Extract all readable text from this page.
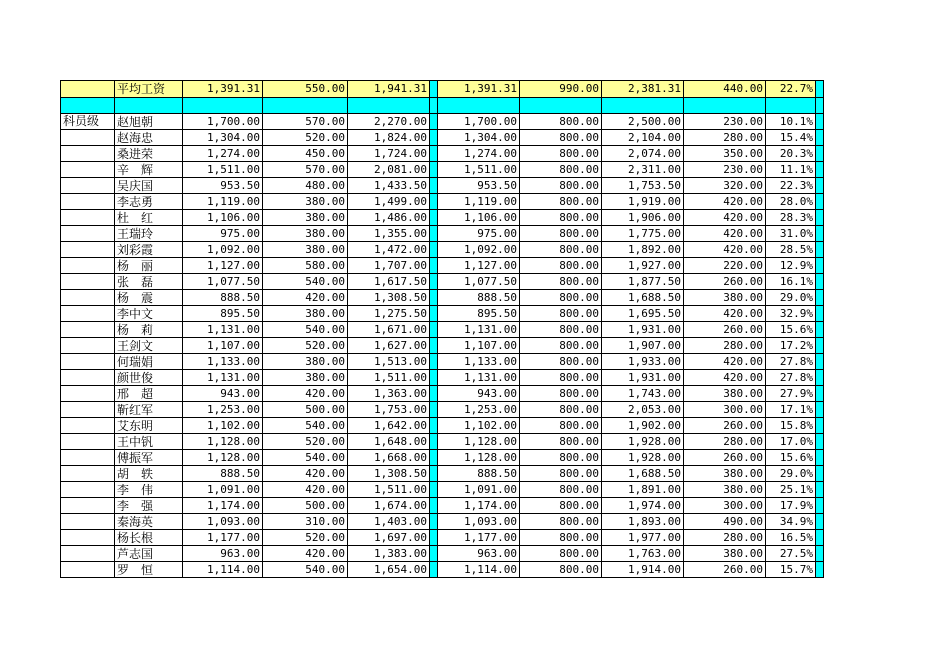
	平均工资	1,391.31	550.00	1,941.31		1,391.31	990.00	2,381.31	440.00	22.7%	

科员级	赵旭朝	1,700.00	570.00	2,270.00		1,700.00	800.00	2,500.00	230.00	10.1%	
	赵海忠	1,304.00	520.00	1,824.00		1,304.00	800.00	2,104.00	280.00	15.4%	
	桑进荣	1,274.00	450.00	1,724.00		1,274.00	800.00	2,074.00	350.00	20.3%	
	辛　辉	1,511.00	570.00	2,081.00		1,511.00	800.00	2,311.00	230.00	11.1%	
	吴庆国	953.50	480.00	1,433.50		953.50	800.00	1,753.50	320.00	22.3%	
	李志勇	1,119.00	380.00	1,499.00		1,119.00	800.00	1,919.00	420.00	28.0%	
	杜　红	1,106.00	380.00	1,486.00		1,106.00	800.00	1,906.00	420.00	28.3%	
	王瑞玲	975.00	380.00	1,355.00		975.00	800.00	1,775.00	420.00	31.0%	
	刘彩霞	1,092.00	380.00	1,472.00		1,092.00	800.00	1,892.00	420.00	28.5%	
	杨　丽	1,127.00	580.00	1,707.00		1,127.00	800.00	1,927.00	220.00	12.9%	
	张　磊	1,077.50	540.00	1,617.50		1,077.50	800.00	1,877.50	260.00	16.1%	
	杨　震	888.50	420.00	1,308.50		888.50	800.00	1,688.50	380.00	29.0%	
	李中文	895.50	380.00	1,275.50		895.50	800.00	1,695.50	420.00	32.9%	
	杨　莉	1,131.00	540.00	1,671.00		1,131.00	800.00	1,931.00	260.00	15.6%	
	王剑文	1,107.00	520.00	1,627.00		1,107.00	800.00	1,907.00	280.00	17.2%	
	何瑞娟	1,133.00	380.00	1,513.00		1,133.00	800.00	1,933.00	420.00	27.8%	
	颜世俊	1,131.00	380.00	1,511.00		1,131.00	800.00	1,931.00	420.00	27.8%	
	邢　超	943.00	420.00	1,363.00		943.00	800.00	1,743.00	380.00	27.9%	
	靳红军	1,253.00	500.00	1,753.00		1,253.00	800.00	2,053.00	300.00	17.1%	
	艾东明	1,102.00	540.00	1,642.00		1,102.00	800.00	1,902.00	260.00	15.8%	
	王中钒	1,128.00	520.00	1,648.00		1,128.00	800.00	1,928.00	280.00	17.0%	
	傅振军	1,128.00	540.00	1,668.00		1,128.00	800.00	1,928.00	260.00	15.6%	
	胡　轶	888.50	420.00	1,308.50		888.50	800.00	1,688.50	380.00	29.0%	
	李　伟	1,091.00	420.00	1,511.00		1,091.00	800.00	1,891.00	380.00	25.1%	
	李　强	1,174.00	500.00	1,674.00		1,174.00	800.00	1,974.00	300.00	17.9%	
	秦海英	1,093.00	310.00	1,403.00		1,093.00	800.00	1,893.00	490.00	34.9%	
	杨长根	1,177.00	520.00	1,697.00		1,177.00	800.00	1,977.00	280.00	16.5%	
	芦志国	963.00	420.00	1,383.00		963.00	800.00	1,763.00	380.00	27.5%	
	罗　恒	1,114.00	540.00	1,654.00		1,114.00	800.00	1,914.00	260.00	15.7%	
